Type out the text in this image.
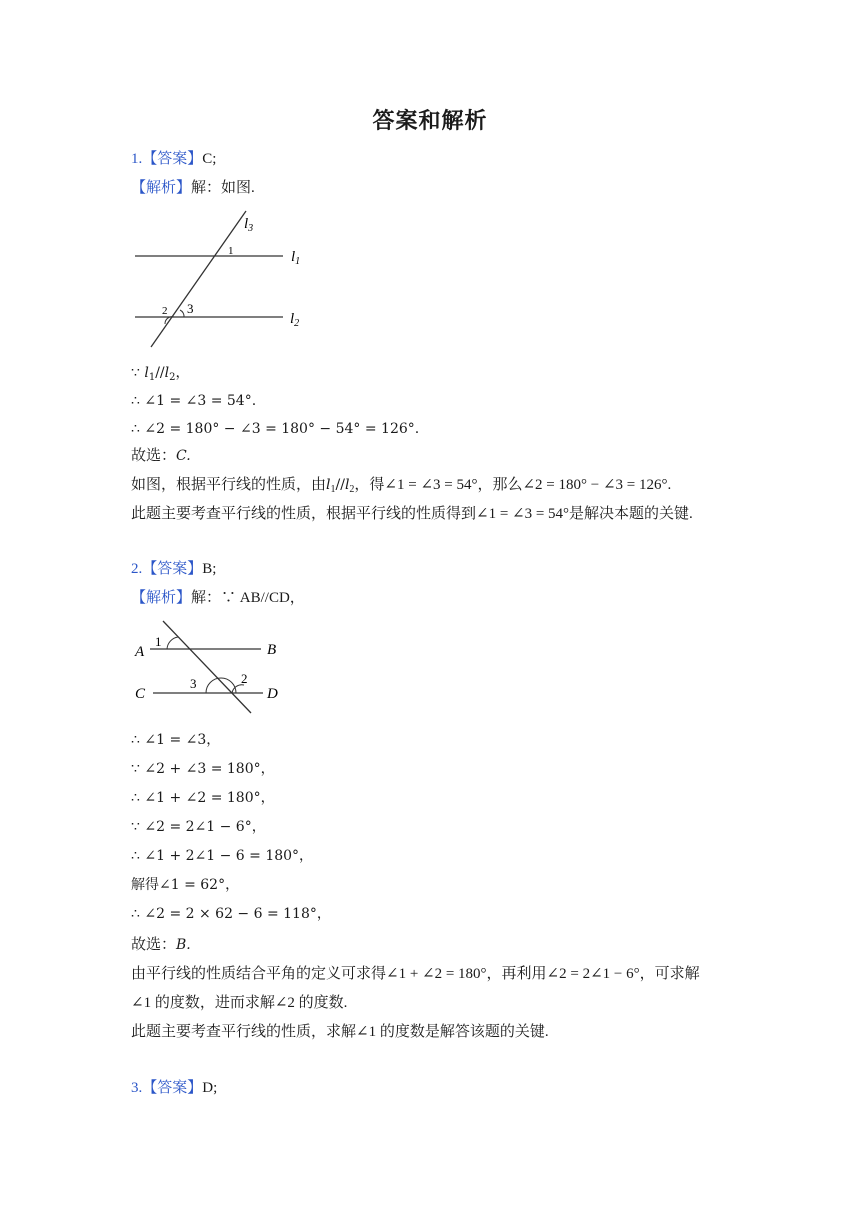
答案和解析
1.【答案】C;
【解析】解：如图.
$l_3$
$l_1$
$l_2$
1
2 3
∵ $l_1//l_2$，
∴ ∠1 = ∠3 = 54°.
∴ ∠2 = 180° − ∠3 = 180° − 54° = 126°.
故选：C.
如图，根据平行线的性质，由$l_1//l_2$，得∠1 = ∠3 = 54°，那么∠2 = 180° − ∠3 = 126°.
此题主要考查平行线的性质，根据平行线的性质得到∠1 = ∠3 = 54°是解决本题的关键.
2.【答案】B;
【解析】解：∵ AB//CD，
A	B
C	D
1
3	2
∴ ∠1 = ∠3，
∵ ∠2 + ∠3 = 180°，
∴ ∠1 + ∠2 = 180°，
∵ ∠2 = 2∠1 − 6°，
∴ ∠1 + 2∠1 − 6 = 180°，
解得∠1 = 62°，
∴ ∠2 = 2 × 62 − 6 = 118°，
故选：B.
由平行线的性质结合平角的定义可求得∠1 + ∠2 = 180°，再利用∠2 = 2∠1 − 6°，可求解
∠1 的度数，进而求解∠2 的度数.
此题主要考查平行线的性质，求解∠1 的度数是解答该题的关键.
3.【答案】D;
